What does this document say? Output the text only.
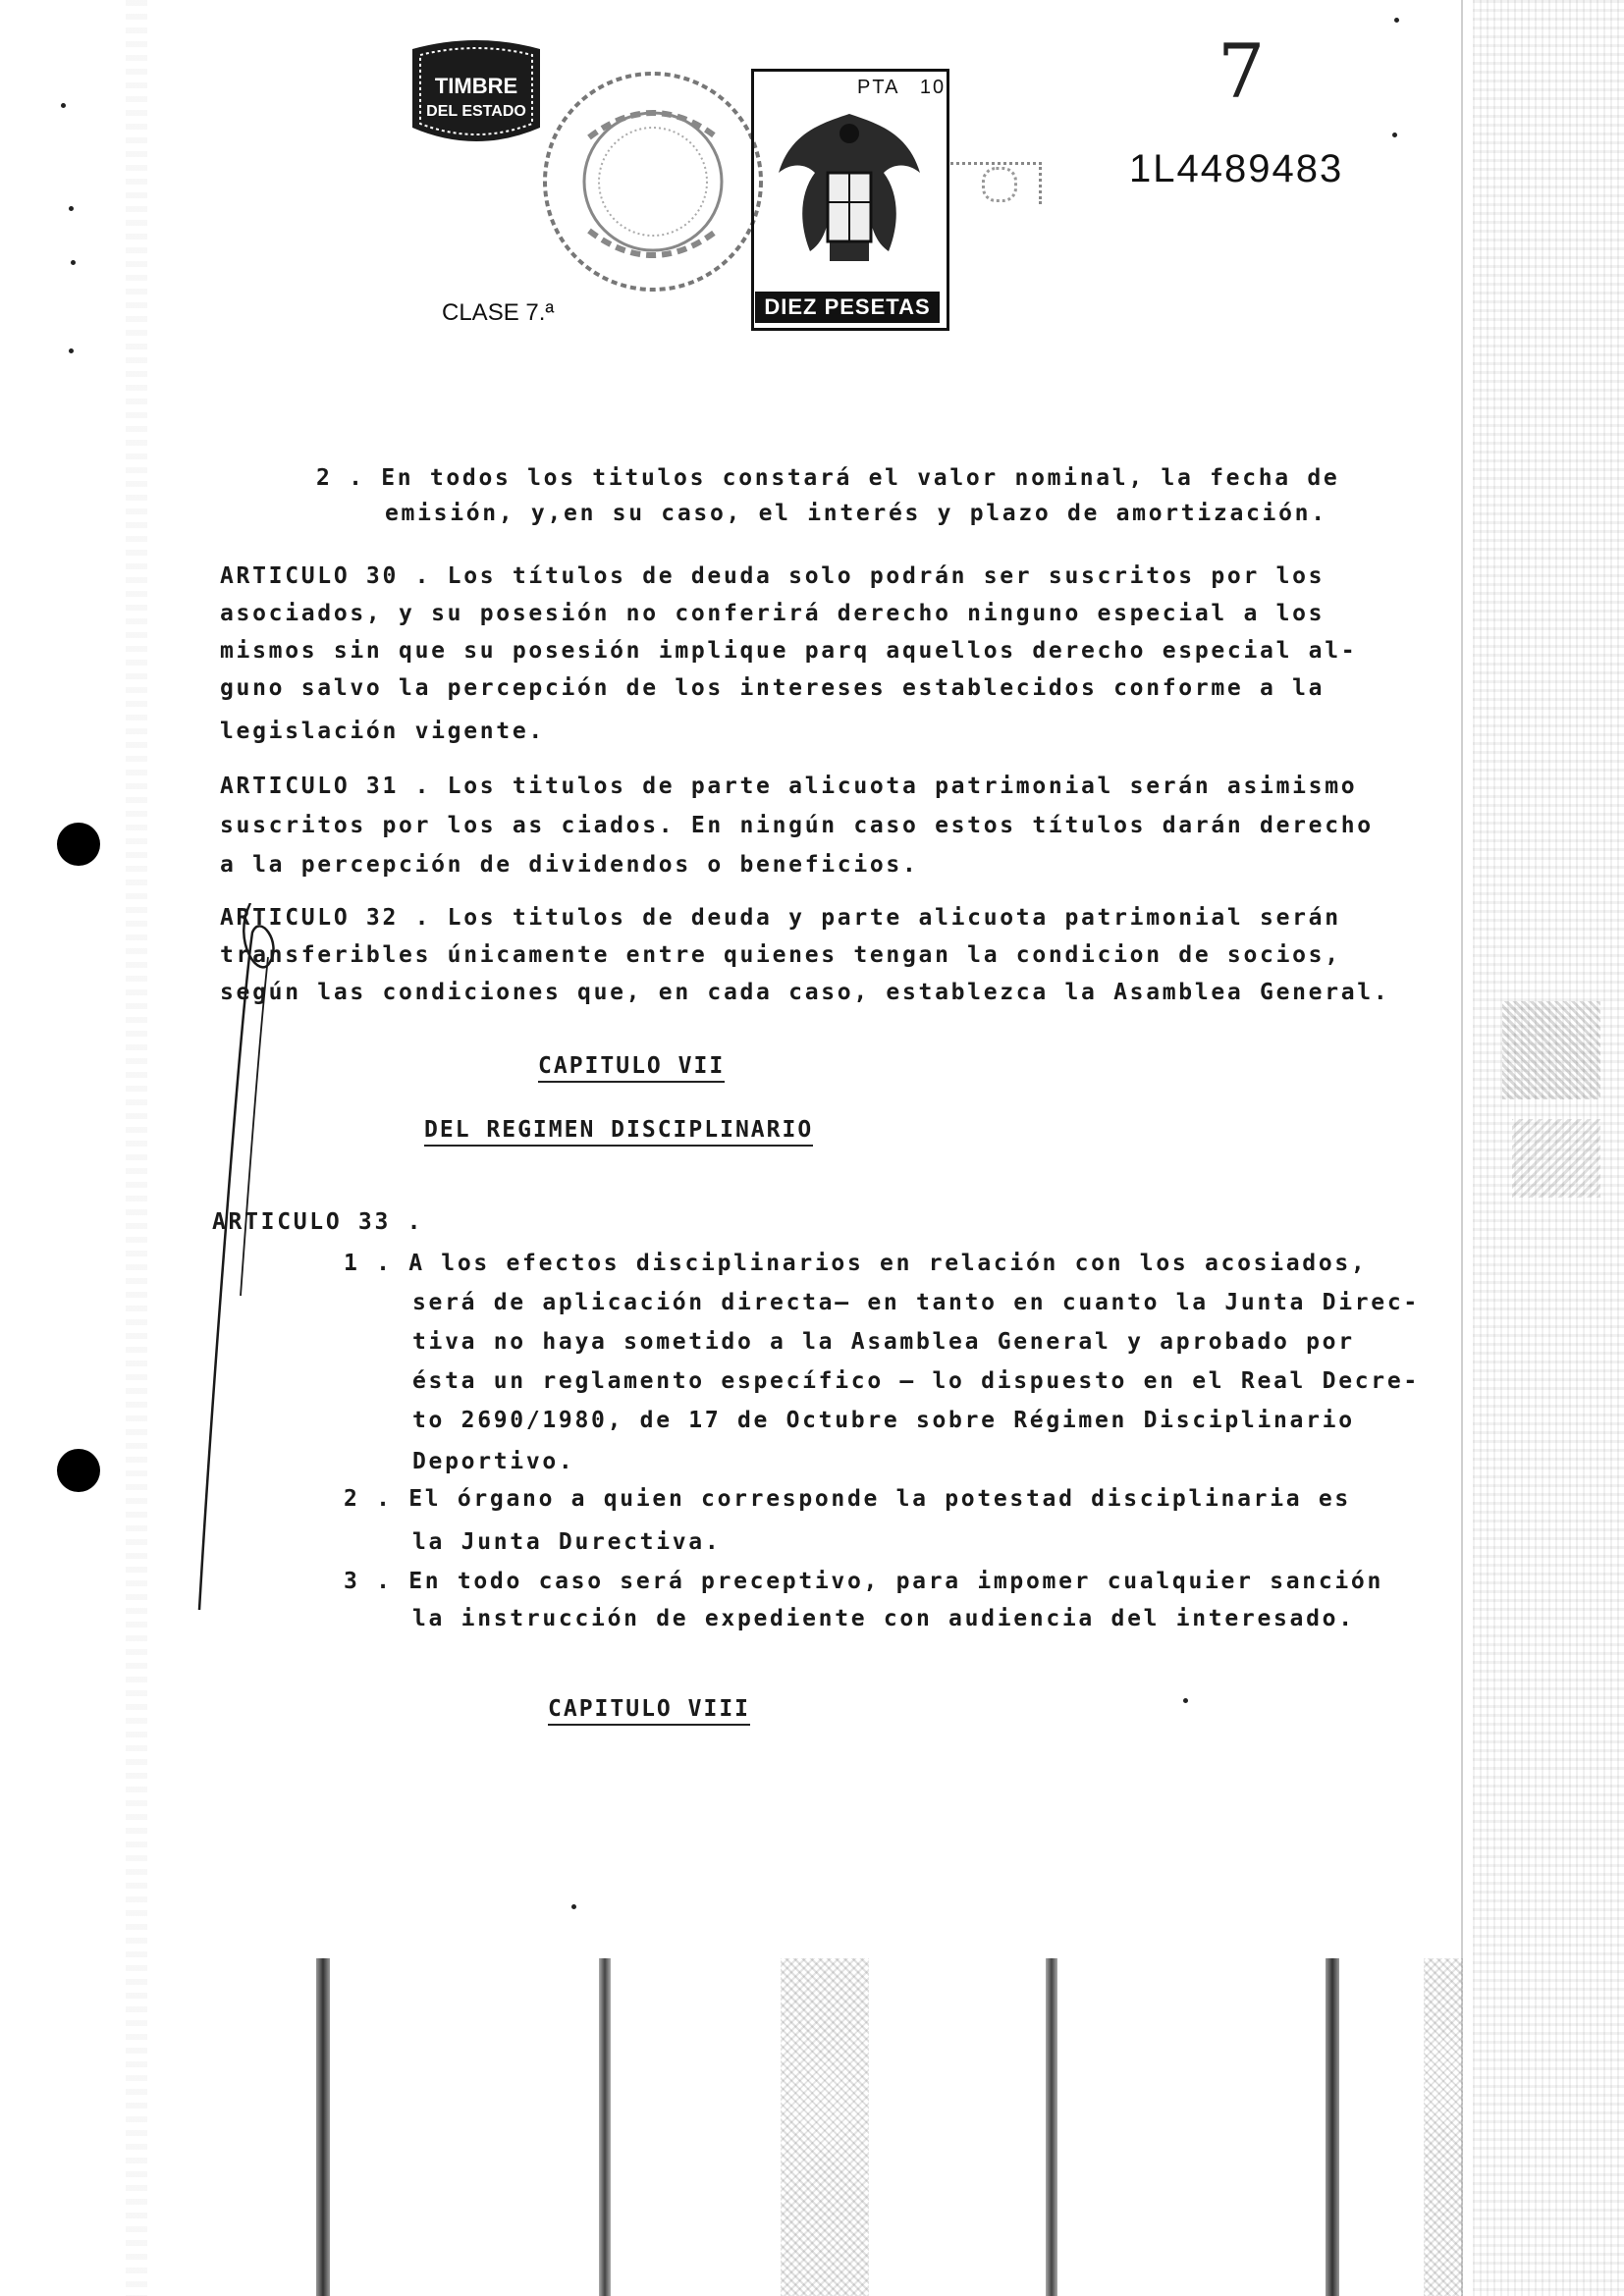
TIMBRE
DEL ESTADO
PTA 10
DIEZ PESETAS
CLASE 7.ª
1L4489483
7
2 . En todos los titulos constará el valor nominal, la fecha de
emisión, y,en su caso, el interés y plazo de amortización.
ARTICULO 30 . Los títulos de deuda solo podrán ser suscritos por los
asociados, y su posesión no conferirá derecho ninguno especial a los
mismos sin que su posesión implique parq aquellos derecho especial al-
guno salvo la percepción de los intereses establecidos conforme a la
legislación vigente.
ARTICULO 31 . Los titulos de parte alicuota patrimonial serán asimismo
suscritos por los as ciados. En ningún caso estos títulos darán derecho
a la percepción de dividendos o beneficios.
ARTICULO 32 . Los titulos de deuda y parte alicuota patrimonial serán
transferibles únicamente entre quienes tengan la condicion de socios,
según las condiciones que, en cada caso, establezca la Asamblea General.
CAPITULO VII
DEL REGIMEN DISCIPLINARIO
ARTICULO 33 .
1 . A los efectos disciplinarios en relación con los acosiados,
será de aplicación directa— en tanto en cuanto la Junta Direc-
tiva no haya sometido a la Asamblea General y aprobado por
ésta un reglamento específico — lo dispuesto en el Real Decre-
to 2690/1980, de 17 de Octubre sobre Régimen Disciplinario
Deportivo.
2 . El órgano a quien corresponde la potestad disciplinaria es
la Junta Durectiva.
3 . En todo caso será preceptivo, para impomer cualquier sanción
la instrucción de expediente con audiencia del interesado.
CAPITULO VIII
